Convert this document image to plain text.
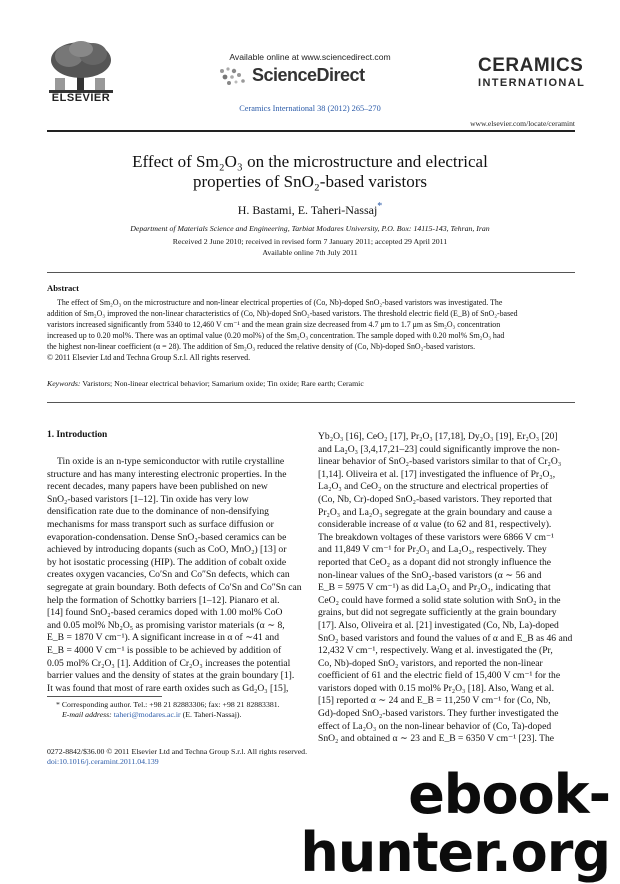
ELSEVIER
Available online at www.sciencedirect.com
ScienceDirect
Ceramics International 38 (2012) 265–270
CERAMICS
INTERNATIONAL
www.elsevier.com/locate/ceramint
Effect of Sm₂O₃ on the microstructure and electrical
properties of SnO₂-based varistors
H. Bastami, E. Taheri-Nassaj*
Department of Materials Science and Engineering, Tarbiat Modares University, P.O. Box: 14115-143, Tehran, Iran
Received 2 June 2010; received in revised form 7 January 2011; accepted 29 April 2011
Available online 7th July 2011
Abstract
The effect of Sm₂O₃ on the microstructure and non-linear electrical properties of (Co, Nb)-doped SnO₂-based varistors was investigated. The
addition of Sm₂O₃ improved the non-linear characteristics of (Co, Nb)-doped SnO₂-based varistors. The threshold electric field (E_B) of SnO₂-based
varistors increased significantly from 5340 to 12,460 V cm⁻¹ and the mean grain size decreased from 4.7 μm to 1.7 μm as Sm₂O₃ concentration
increased up to 0.20 mol%. There was an optimal value (0.20 mol%) of the Sm₂O₃ concentration. The sample doped with 0.20 mol% Sm₂O₃ had
the highest non-linear coefficient (α = 28). The addition of Sm₂O₃ reduced the relative density of (Co, Nb)-doped SnO₂-based varistors.
© 2011 Elsevier Ltd and Techna Group S.r.l. All rights reserved.
Keywords: Varistors; Non-linear electrical behavior; Samarium oxide; Tin oxide; Rare earth; Ceramic
1. Introduction
Tin oxide is an n-type semiconductor with rutile crystalline
structure and has many interesting electronic properties. In the
recent decades, many papers have been published on new
SnO₂-based varistors [1–12]. Tin oxide has very low
densification rate due to the dominance of non-densifying
mechanisms for mass transport such as surface diffusion or
evaporation-condensation. Dense SnO₂-based ceramics can be
achieved by introducing dopants (such as CoO, MnO₂) [13] or
by hot isostatic processing (HIP). The addition of cobalt oxide
creates oxygen vacancies, Co′Sn and Co″Sn defects, which can
segregate at grain boundary. Both defects of Co′Sn and Co″Sn can
help the formation of Schottky barriers [1–12]. Pianaro et al.
[14] found SnO₂-based ceramics doped with 1.00 mol% CoO
and 0.05 mol% Nb₂O₅ as promising varistor materials (α ∼ 8,
E_B = 1870 V cm⁻¹). A significant increase in α of ∼41 and
E_B = 4000 V cm⁻¹ is possible to be achieved by addition of
0.05 mol% Cr₂O₃ [1]. Addition of Cr₂O₃ increases the potential
barrier values and the density of states at the grain boundary [1].
It was found that most of rare earth oxides such as Gd₂O₃ [15],
Yb₂O₃ [16], CeO₂ [17], Pr₂O₃ [17,18], Dy₂O₃ [19], Er₂O₃ [20]
and La₂O₃ [3,4,17,21–23] could significantly improve the non-
linear behavior of SnO₂-based varistors similar to that of Cr₂O₃
[1,14]. Oliveira et al. [17] investigated the influence of Pr₂O₃,
La₂O₃ and CeO₂ on the structure and electrical properties of
(Co, Nb, Cr)-doped SnO₂-based varistors. They reported that
Pr₂O₃ and La₂O₃ segregate at the grain boundary and cause a
considerable increase of α value (to 62 and 81, respectively).
The breakdown voltages of these varistors were 6866 V cm⁻¹
and 11,849 V cm⁻¹ for Pr₂O₃ and La₂O₃, respectively. They
reported that CeO₂ as a dopant did not strongly influence the
non-linear values of the SnO₂-based varistors (α ∼ 56 and
E_B = 5975 V cm⁻¹) as did La₂O₃ and Pr₂O₃, indicating that
CeO₂ could have formed a solid state solution with SnO₂ in the
grains, but did not segregate sufficiently at the grain boundary
[17]. Also, Oliveira et al. [21] investigated (Co, Nb, La)-doped
SnO₂ based varistors and found the values of α and E_B as 46 and
12,432 V cm⁻¹, respectively. Wang et al. investigated the (Pr,
Co, Nb)-doped SnO₂ varistors, and reported the non-linear
coefficient of 61 and the electric field of 15,400 V cm⁻¹ for the
varistors doped with 0.15 mol% Pr₂O₃ [18]. Also, Wang et al.
[15] reported α ∼ 24 and E_B = 11,250 V cm⁻¹ for (Co, Nb,
Gd)-doped SnO₂-based varistors. They further investigated the
effect of La₂O₃ on the non-linear behavior of (Co, Ta)-doped
SnO₂ and obtained α ∼ 23 and E_B = 6350 V cm⁻¹ [23]. The
* Corresponding author. Tel.: +98 21 82883306; fax: +98 21 82883381.
E-mail address: taheri@modares.ac.ir (E. Taheri-Nassaj).
0272-8842/$36.00 © 2011 Elsevier Ltd and Techna Group S.r.l. All rights reserved.
doi:10.1016/j.ceramint.2011.04.139
ebook-hunter.org
